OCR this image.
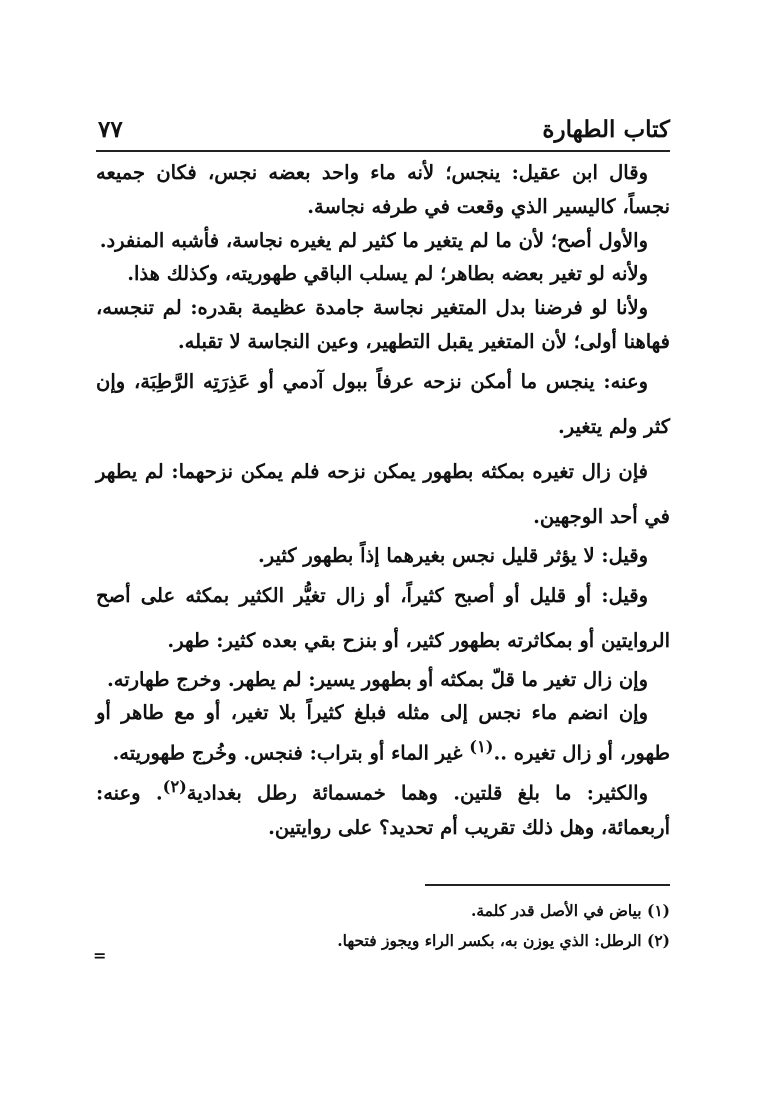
كتاب الطهارة
٧٧

وقال ابن عقيل: ينجس؛ لأنه ماء واحد بعضه نجس، فكان جميعه نجساً، كاليسير الذي وقعت في طرفه نجاسة.

والأول أصح؛ لأن ما لم يتغير ما كثير لم يغيره نجاسة، فأشبه المنفرد.

ولأنه لو تغير بعضه بطاهر؛ لم يسلب الباقي طهوريته، وكذلك هذا.

ولأنا لو فرضنا بدل المتغير نجاسة جامدة عظيمة بقدره: لم تنجسه، فهاهنا أولى؛ لأن المتغير يقبل التطهير، وعين النجاسة لا تقبله.

وعنه: ينجس ما أمكن نزحه عرفاً ببول آدمي أو عَذِرَتِه الرَّطِبَة، وإن كثر ولم يتغير.

فإن زال تغيره بمكثه بطهور يمكن نزحه فلم يمكن نزحهما: لم يطهر في أحد الوجهين.

وقيل: لا يؤثر قليل نجس بغيرهما إذاً بطهور كثير.

وقيل: أو قليل أو أصبح كثيراً، أو زال تغيُّر الكثير بمكثه على أصح الروايتين أو بمكاثرته بطهور كثير، أو بنزح بقي بعده كثير: طهر.

وإن زال تغير ما قلّ بمكثه أو بطهور يسير: لم يطهر. وخرج طهارته.

وإن انضم ماء نجس إلى مثله فبلغ كثيراً بلا تغير، أو مع طاهر أو طهور، أو زال تغيره ..$^{(١)}$ غير الماء أو بتراب: فنجس. وخُرج طهوريته.

والكثير: ما بلغ قلتين. وهما خمسمائة رطل بغدادية$^{(٢)}$. وعنه: أربعمائة، وهل ذلك تقريب أم تحديد؟ على روايتين.

(١) بياض في الأصل قدر كلمة.

(٢) الرطل: الذي يوزن به، بكسر الراء ويجوز فتحها.

=
